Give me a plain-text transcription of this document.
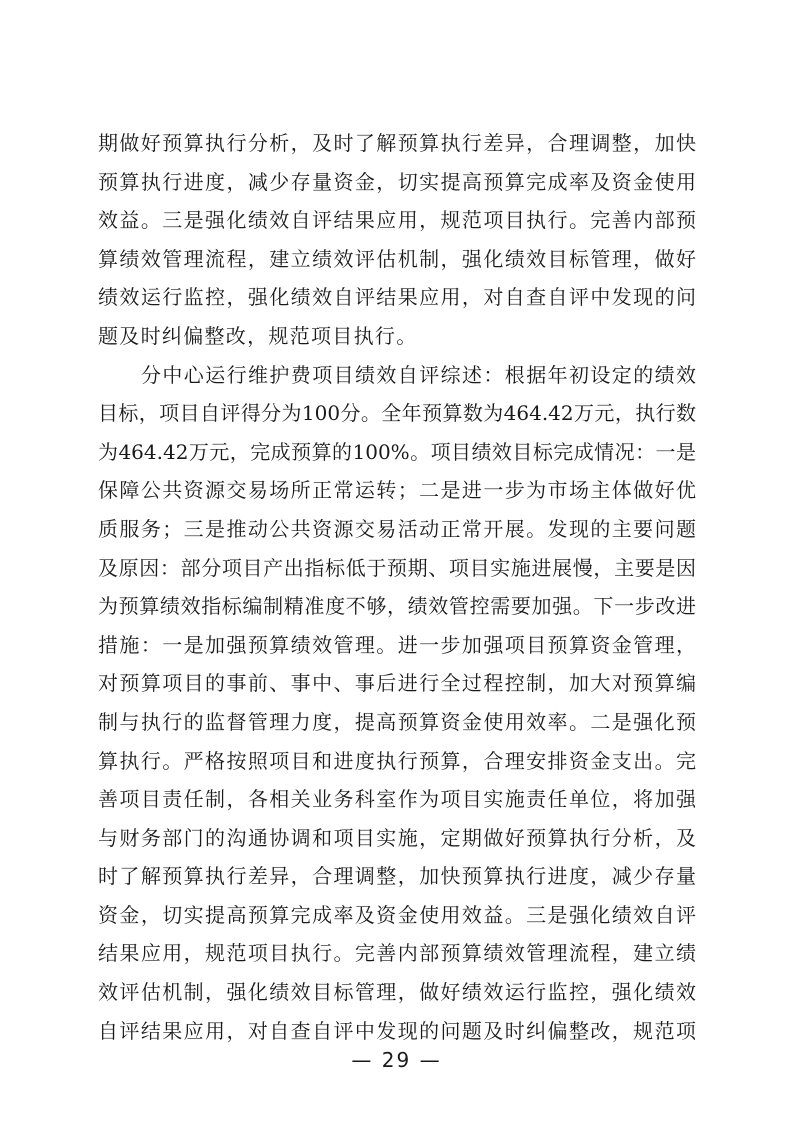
期做好预算执行分析，及时了解预算执行差异，合理调整，加快
预算执行进度，减少存量资金，切实提高预算完成率及资金使用
效益。三是强化绩效自评结果应用，规范项目执行。完善内部预
算绩效管理流程，建立绩效评估机制，强化绩效目标管理，做好
绩效运行监控，强化绩效自评结果应用，对自查自评中发现的问
题及时纠偏整改，规范项目执行。
分中心运行维护费项目绩效自评综述：根据年初设定的绩效
目标，项目自评得分为100分。全年预算数为464.42万元，执行数
为464.42万元，完成预算的100%。项目绩效目标完成情况：一是
保障公共资源交易场所正常运转；二是进一步为市场主体做好优
质服务；三是推动公共资源交易活动正常开展。发现的主要问题
及原因：部分项目产出指标低于预期、项目实施进展慢，主要是因
为预算绩效指标编制精准度不够，绩效管控需要加强。下一步改进
措施：一是加强预算绩效管理。进一步加强项目预算资金管理，
对预算项目的事前、事中、事后进行全过程控制，加大对预算编
制与执行的监督管理力度，提高预算资金使用效率。二是强化预
算执行。严格按照项目和进度执行预算，合理安排资金支出。完
善项目责任制，各相关业务科室作为项目实施责任单位，将加强
与财务部门的沟通协调和项目实施，定期做好预算执行分析，及
时了解预算执行差异，合理调整，加快预算执行进度，减少存量
资金，切实提高预算完成率及资金使用效益。三是强化绩效自评
结果应用，规范项目执行。完善内部预算绩效管理流程，建立绩
效评估机制，强化绩效目标管理，做好绩效运行监控，强化绩效
自评结果应用，对自查自评中发现的问题及时纠偏整改，规范项
— 29 —
